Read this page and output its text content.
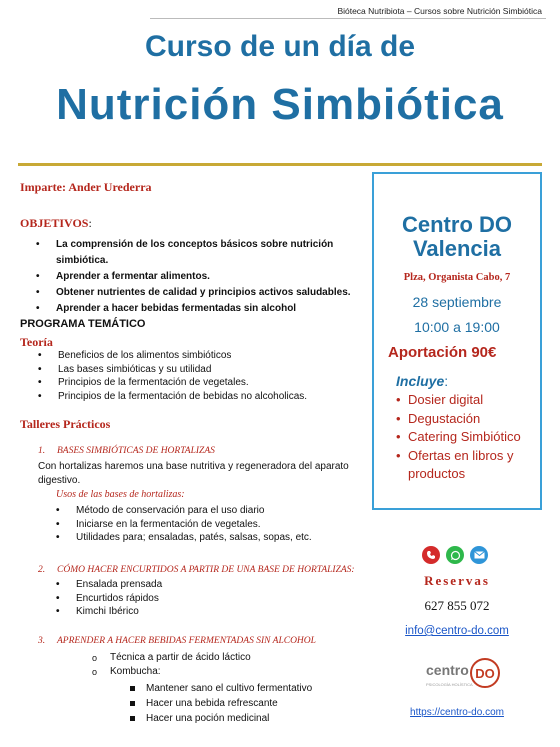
Bióteca Nutribiota – Cursos sobre Nutrición Simbiótica
Curso de un día de
Nutrición Simbiótica
Imparte: Ander Urederra
OBJETIVOS:
• La comprensión de los conceptos básicos sobre nutrición simbiótica.
• Aprender a fermentar alimentos.
• Obtener nutrientes de calidad y principios activos saludables.
• Aprender a hacer bebidas fermentadas sin alcohol
PROGRAMA TEMÁTICO
Teoría
• Beneficios de los alimentos simbióticos
• Las bases simbióticas y su utilidad
• Principios de la fermentación de vegetales.
• Principios de la fermentación de bebidas no alcoholicas.
Talleres Prácticos
1. BASES SIMBIÓTICAS DE HORTALIZAS
Con hortalizas haremos una base nutritiva y regeneradora del aparato digestivo.
Usos de las bases de hortalizas:
• Método de conservación para el uso diario
• Iniciarse en la fermentación de vegetales.
• Utilidades para; ensaladas, patés, salsas, sopas, etc.
2. CÓMO HACER ENCURTIDOS A PARTIR DE UNA BASE DE HORTALIZAS:
• Ensalada prensada
• Encurtidos rápidos
• Kimchi Ibérico
3. APRENDER A HACER BEBIDAS FERMENTADAS SIN ALCOHOL
o Técnica a partir de ácido láctico
o Kombucha:
Mantener sano el cultivo fermentativo
Hacer una bebida refrescante
Hacer una poción medicinal
Centro DO
Valencia
Plza, Organista Cabo, 7
28 septiembre
10:00 a 19:00
Aportación 90€
Incluye:
• Dosier digital
• Degustación
• Catering Simbiótico
• Ofertas en libros y productos
Reservas
627 855 072
info@centro-do.com
centro DO
PSICOLOGÍA HOLÍSTICA
https://centro-do.com
